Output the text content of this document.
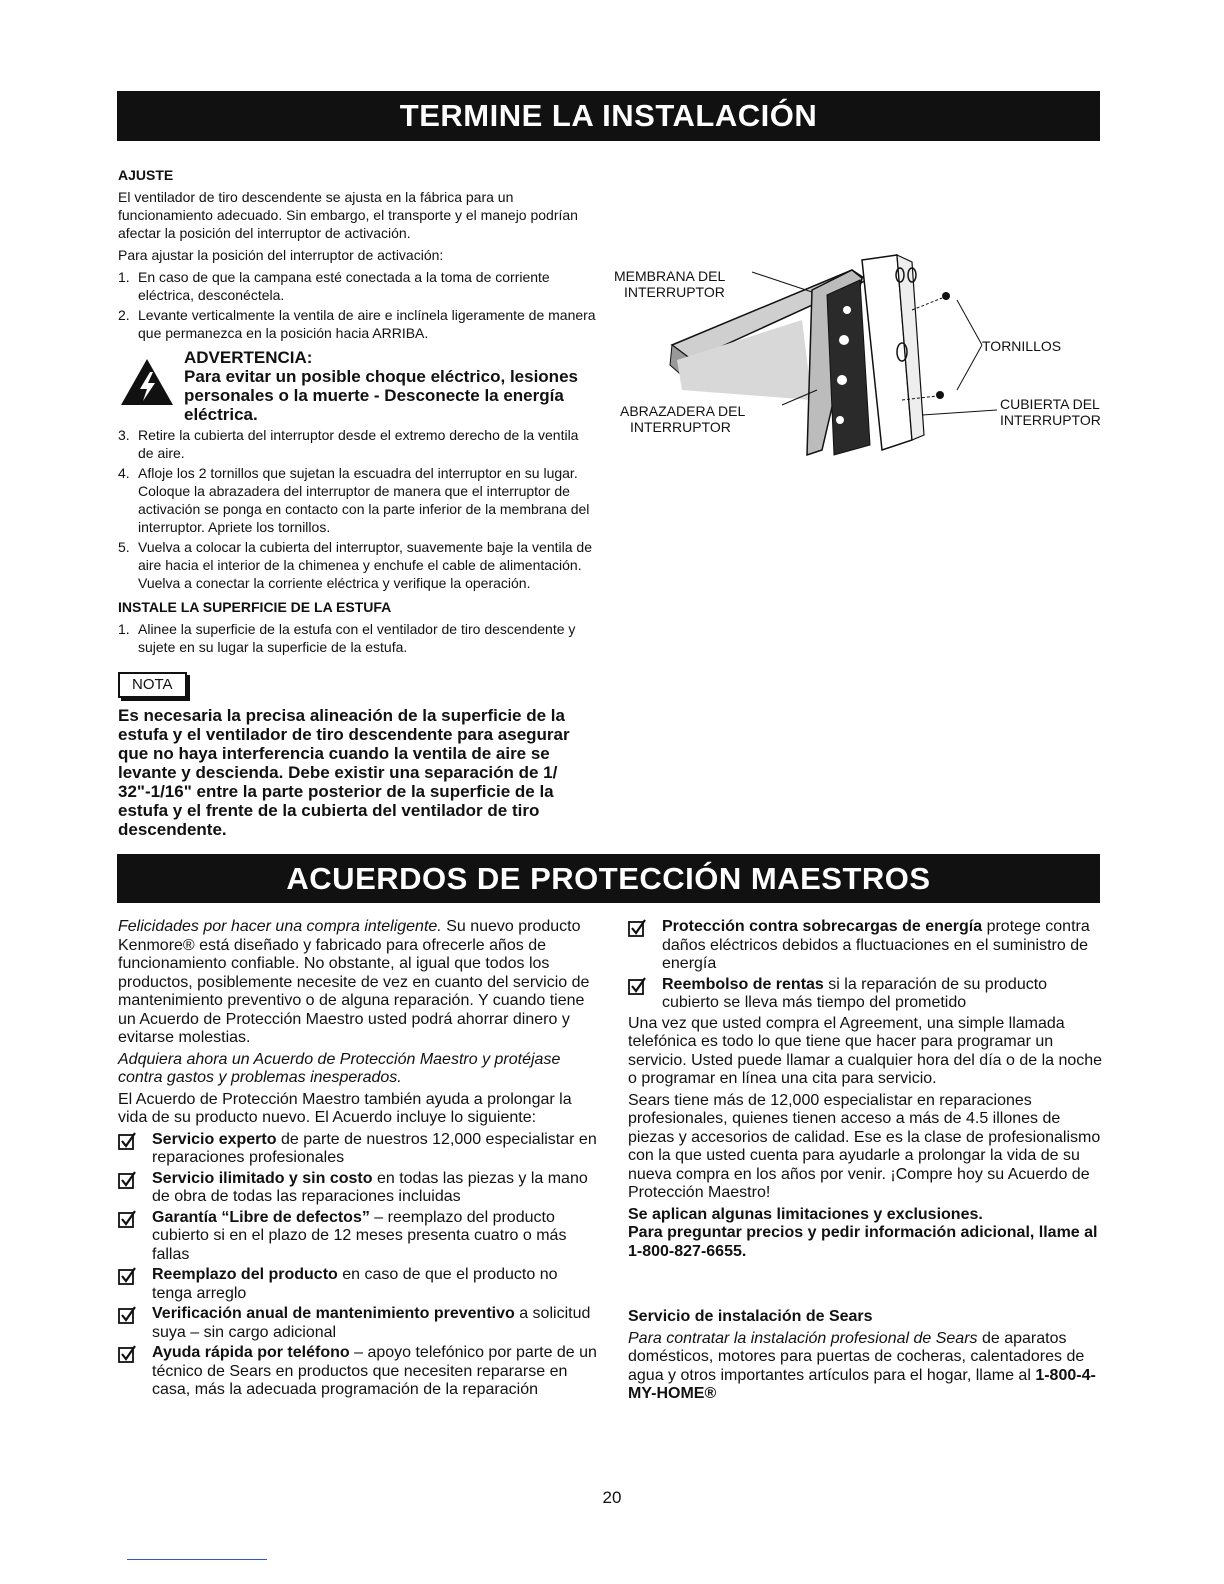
TERMINE LA INSTALACIÓN
AJUSTE

El ventilador de tiro descendente se ajusta en la fábrica para un funcionamiento adecuado. Sin embargo, el transporte y el manejo podrían afectar la posición del interruptor de activación.

Para ajustar la posición del interruptor de activación:

1. En caso de que la campana esté conectada a la toma de corriente eléctrica, desconéctela.
2. Levante verticalmente la ventila de aire e inclínela ligeramente de manera que permanezca en la posición hacia ARRIBA.
ADVERTENCIA:
Para evitar un posible choque eléctrico, lesiones personales o la muerte - Desconecte la energía eléctrica.
3. Retire la cubierta del interruptor desde el extremo derecho de la ventila de aire.
4. Afloje los 2 tornillos que sujetan la escuadra del interruptor en su lugar. Coloque la abrazadera del interruptor de manera que el interruptor de activación se ponga en contacto con la parte inferior de la membrana del interruptor. Apriete los tornillos.
5. Vuelva a colocar la cubierta del interruptor, suavemente baje la ventila de aire hacia el interior de la chimenea y enchufe el cable de alimentación. Vuelva a conectar la corriente eléctrica y verifique la operación.
INSTALE LA SUPERFICIE DE LA ESTUFA
1. Alinee la superficie de la estufa con el ventilador de tiro descendente y sujete en su lugar la superficie de la estufa.
NOTA
Es necesaria la precisa alineación de la superficie de la estufa y el ventilador de tiro descendente para asegurar que no haya interferencia cuando la ventila de aire se levante y descienda. Debe existir una separación de 1/ 32"-1/16" entre la parte posterior de la superficie de la estufa y el frente de la cubierta del ventilador de tiro descendente.
MEMBRANA DEL
INTERRUPTOR
TORNILLOS
ABRAZADERA DEL
INTERRUPTOR
CUBIERTA DEL
INTERRUPTOR
ACUERDOS DE PROTECCIÓN MAESTROS

Felicidades por hacer una compra inteligente. Su nuevo producto Kenmore® está diseñado y fabricado para ofrecerle años de funcionamiento confiable. No obstante, al igual que todos los productos, posiblemente necesite de vez en cuanto del servicio de mantenimiento preventivo o de alguna reparación. Y cuando tiene un Acuerdo de Protección Maestro usted podrá ahorrar dinero y evitarse molestias.

Adquiera ahora un Acuerdo de Protección Maestro y protéjase contra gastos y problemas inesperados.

El Acuerdo de Protección Maestro también ayuda a prolongar la vida de su producto nuevo. El Acuerdo incluye lo siguiente:

Servicio experto de parte de nuestros 12,000 especialistar en reparaciones profesionales
Servicio ilimitado y sin costo en todas las piezas y la mano de obra de todas las reparaciones incluidas
Garantía “Libre de defectos” – reemplazo del producto cubierto si en el plazo de 12 meses presenta cuatro o más fallas
Reemplazo del producto en caso de que el producto no tenga arreglo
Verificación anual de mantenimiento preventivo a solicitud suya – sin cargo adicional
Ayuda rápida por teléfono – apoyo telefónico por parte de un técnico de Sears en productos que necesiten repararse en casa, más la adecuada programación de la reparación
Protección contra sobrecargas de energía protege contra daños eléctricos debidos a fluctuaciones en el suministro de energía
Reembolso de rentas si la reparación de su producto cubierto se lleva más tiempo del prometido

Una vez que usted compra el Agreement, una simple llamada telefónica es todo lo que tiene que hacer para programar un servicio. Usted puede llamar a cualquier hora del día o de la noche o programar en línea una cita para servicio.

Sears tiene más de 12,000 especialistar en reparaciones profesionales, quienes tienen acceso a más de 4.5 illones de piezas y accesorios de calidad. Ese es la clase de profesionalismo con la que usted cuenta para ayudarle a prolongar la vida de su nueva compra en los años por venir. ¡Compre hoy su Acuerdo de Protección Maestro!

Se aplican algunas limitaciones y exclusiones.

Para preguntar precios y pedir información adicional, llame al 1-800-827-6655.

Servicio de instalación de Sears

Para contratar la instalación profesional de Sears de aparatos domésticos, motores para puertas de cocheras, calentadores de agua y otros importantes artículos para el hogar, llame al 1-800-4-MY-HOME®

20
